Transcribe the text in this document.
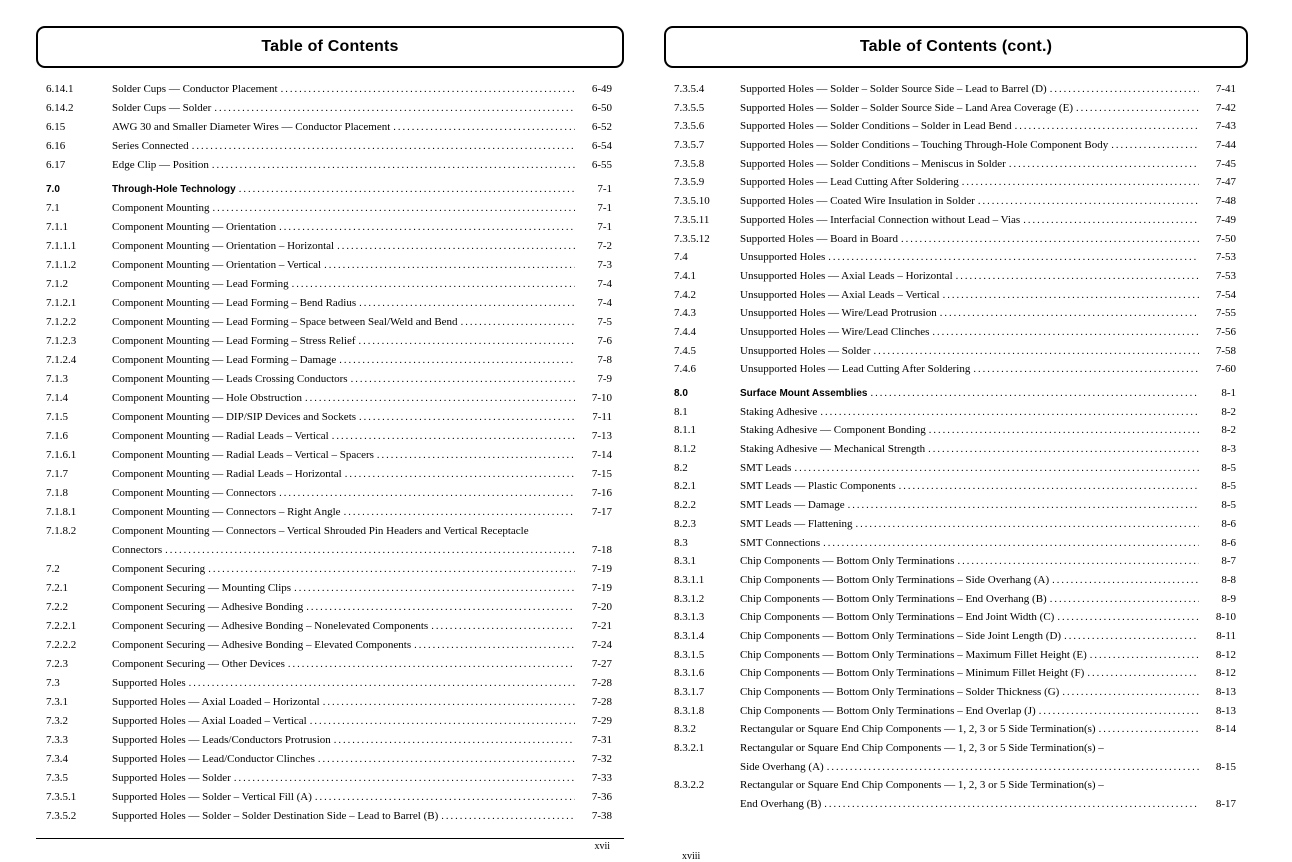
Table of Contents
6.14.1	Solder Cups — Conductor Placement .....	6-49
6.14.2	Solder Cups — Solder .....	6-50
6.15	AWG 30 and Smaller Diameter Wires — Conductor Placement .....	6-52
6.16	Series Connected .....	6-54
6.17	Edge Clip — Position .....	6-55
7.0	Through-Hole Technology .....	7-1
7.1	Component Mounting .....	7-1
7.1.1	Component Mounting — Orientation .....	7-1
7.1.1.1	Component Mounting — Orientation – Horizontal .....	7-2
7.1.1.2	Component Mounting — Orientation – Vertical .....	7-3
7.1.2	Component Mounting — Lead Forming .....	7-4
7.1.2.1	Component Mounting — Lead Forming – Bend Radius .....	7-4
7.1.2.2	Component Mounting — Lead Forming – Space between Seal/Weld and Bend .....	7-5
7.1.2.3	Component Mounting — Lead Forming – Stress Relief .....	7-6
7.1.2.4	Component Mounting — Lead Forming – Damage .....	7-8
7.1.3	Component Mounting — Leads Crossing Conductors .....	7-9
7.1.4	Component Mounting — Hole Obstruction .....	7-10
7.1.5	Component Mounting — DIP/SIP Devices and Sockets .....	7-11
7.1.6	Component Mounting — Radial Leads – Vertical .....	7-13
7.1.6.1	Component Mounting — Radial Leads – Vertical – Spacers .....	7-14
7.1.7	Component Mounting — Radial Leads – Horizontal .....	7-15
7.1.8	Component Mounting — Connectors .....	7-16
7.1.8.1	Component Mounting — Connectors – Right Angle .....	7-17
7.1.8.2	Component Mounting — Connectors – Vertical Shrouded Pin Headers and Vertical Receptacle
Connectors .....	7-18
7.2	Component Securing .....	7-19
7.2.1	Component Securing — Mounting Clips .....	7-19
7.2.2	Component Securing — Adhesive Bonding .....	7-20
7.2.2.1	Component Securing — Adhesive Bonding – Nonelevated Components .....	7-21
7.2.2.2	Component Securing — Adhesive Bonding – Elevated Components .....	7-24
7.2.3	Component Securing — Other Devices .....	7-27
7.3	Supported Holes .....	7-28
7.3.1	Supported Holes — Axial Loaded – Horizontal .....	7-28
7.3.2	Supported Holes — Axial Loaded – Vertical .....	7-29
7.3.3	Supported Holes — Leads/Conductors Protrusion .....	7-31
7.3.4	Supported Holes — Lead/Conductor Clinches .....	7-32
7.3.5	Supported Holes — Solder .....	7-33
7.3.5.1	Supported Holes — Solder – Vertical Fill (A) .....	7-36
7.3.5.2	Supported Holes — Solder – Solder Destination Side – Lead to Barrel (B) .....	7-38
Table of Contents (cont.)
7.3.5.4	Supported Holes — Solder – Solder Source Side – Lead to Barrel (D) .....	7-41
7.3.5.5	Supported Holes — Solder – Solder Source Side – Land Area Coverage (E) .....	7-42
7.3.5.6	Supported Holes — Solder Conditions – Solder in Lead Bend .....	7-43
7.3.5.7	Supported Holes — Solder Conditions – Touching Through-Hole Component Body .....	7-44
7.3.5.8	Supported Holes — Solder Conditions – Meniscus in Solder .....	7-45
7.3.5.9	Supported Holes — Lead Cutting After Soldering .....	7-47
7.3.5.10	Supported Holes — Coated Wire Insulation in Solder .....	7-48
7.3.5.11	Supported Holes — Interfacial Connection without Lead – Vias .....	7-49
7.3.5.12	Supported Holes — Board in Board .....	7-50
7.4	Unsupported Holes .....	7-53
7.4.1	Unsupported Holes — Axial Leads – Horizontal .....	7-53
7.4.2	Unsupported Holes — Axial Leads – Vertical .....	7-54
7.4.3	Unsupported Holes — Wire/Lead Protrusion .....	7-55
7.4.4	Unsupported Holes — Wire/Lead Clinches .....	7-56
7.4.5	Unsupported Holes — Solder .....	7-58
7.4.6	Unsupported Holes — Lead Cutting After Soldering .....	7-60
8.0	Surface Mount Assemblies .....	8-1
8.1	Staking Adhesive .....	8-2
8.1.1	Staking Adhesive — Component Bonding .....	8-2
8.1.2	Staking Adhesive — Mechanical Strength .....	8-3
8.2	SMT Leads .....	8-5
8.2.1	SMT Leads — Plastic Components .....	8-5
8.2.2	SMT Leads — Damage .....	8-5
8.2.3	SMT Leads — Flattening .....	8-6
8.3	SMT Connections .....	8-6
8.3.1	Chip Components — Bottom Only Terminations .....	8-7
8.3.1.1	Chip Components — Bottom Only Terminations – Side Overhang (A) .....	8-8
8.3.1.2	Chip Components — Bottom Only Terminations – End Overhang (B) .....	8-9
8.3.1.3	Chip Components — Bottom Only Terminations – End Joint Width (C) .....	8-10
8.3.1.4	Chip Components — Bottom Only Terminations – Side Joint Length (D) .....	8-11
8.3.1.5	Chip Components — Bottom Only Terminations – Maximum Fillet Height (E) .....	8-12
8.3.1.6	Chip Components — Bottom Only Terminations – Minimum Fillet Height (F) .....	8-12
8.3.1.7	Chip Components — Bottom Only Terminations – Solder Thickness (G) .....	8-13
8.3.1.8	Chip Components — Bottom Only Terminations – End Overlap (J) .....	8-13
8.3.2	Rectangular or Square End Chip Components — 1, 2, 3 or 5 Side Termination(s) .....	8-14
8.3.2.1	Rectangular or Square End Chip Components — 1, 2, 3 or 5 Side Termination(s) –
Side Overhang (A) .....	8-15
8.3.2.2	Rectangular or Square End Chip Components — 1, 2, 3 or 5 Side Termination(s) –
End Overhang (B) .....	8-17
xvii
xviii
